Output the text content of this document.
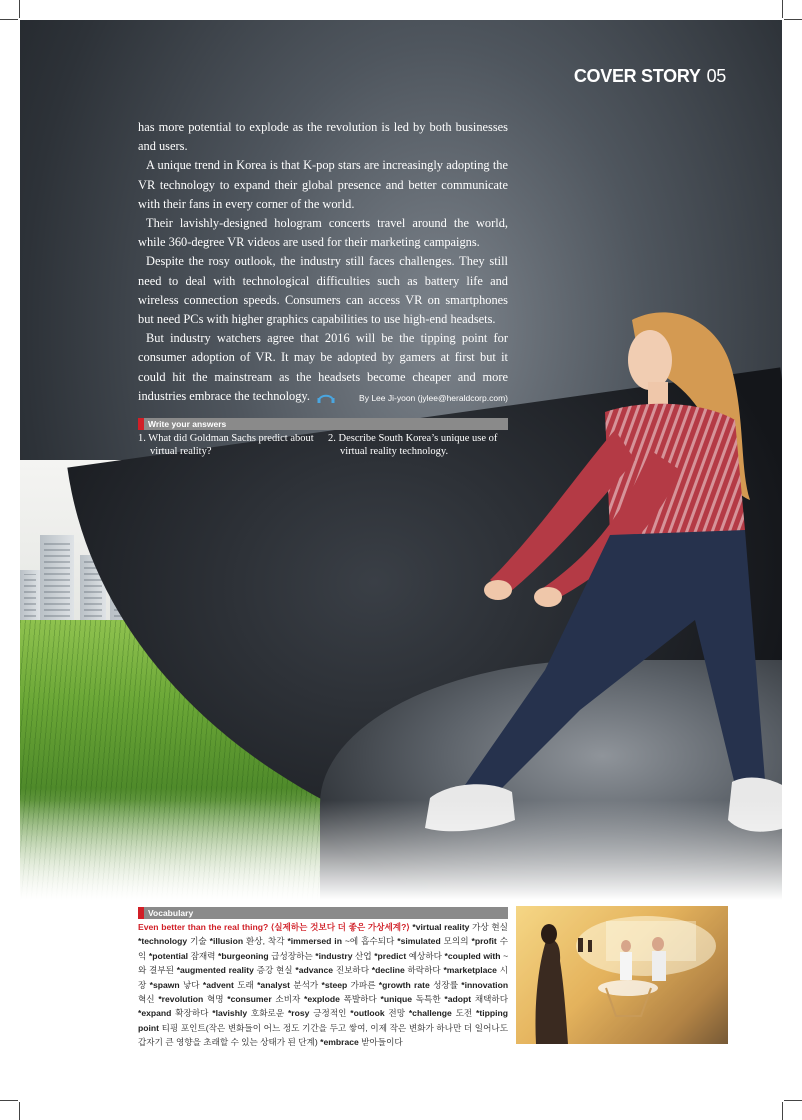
COVER STORY 05

has more potential to explode as the revolution is led by both businesses and users.

A unique trend in Korea is that K-pop stars are increasingly adopting the VR technology to expand their global presence and better communicate with their fans in every corner of the world.

Their lavishly-designed hologram concerts travel around the world, while 360-degree VR videos are used for their marketing campaigns.

Despite the rosy outlook, the industry still faces challenges. They still need to deal with technological difficulties such as battery life and wireless connection speeds. Consumers can access VR on smartphones but need PCs with higher graphics capabilities to use high-end headsets.

But industry watchers agree that 2016 will be the tipping point for consumer adoption of VR. It may be adopted by gamers at first but it could hit the mainstream as the headsets become cheaper and more industries embrace the technology.	By Lee Ji-yoon (jylee@heraldcorp.com)

Write your answers
1. What did Goldman Sachs predict about virtual reality?
2. Describe South Korea’s unique use of virtual reality technology.
Vocabulary
Even better than the real thing? ⟨실제하는 것보다 더 좋은 가상세계?⟩ *virtual reality 가상 현실 *technology 기술 *illusion 환상, 착각 *immersed in ~에 흡수되다 *simulated 모의의 *profit 수익 *potential 잠재력 *burgeoning 급성장하는 *industry 산업 *predict 예상하다 *coupled with ~와 결부된 *augmented reality 증강 현실 *advance 진보하다 *decline 하락하다 *marketplace 시장 *spawn 낳다 *advent 도래 *analyst 분석가 *steep 가파른 *growth rate 성장률 *innovation 혁신 *revolution 혁명 *consumer 소비자 *explode 폭발하다 *unique 독특한 *adopt 채택하다 *expand 확장하다 *lavishly 호화로운 *rosy 긍정적인 *outlook 전망 *challenge 도전 *tipping point 티핑 포인트(작은 변화들이 어느 정도 기간을 두고 쌓여, 이제 작은 변화가 하나만 더 일어나도 갑자기 큰 영향을 초래할 수 있는 상태가 된 단계) *embrace 받아들이다
